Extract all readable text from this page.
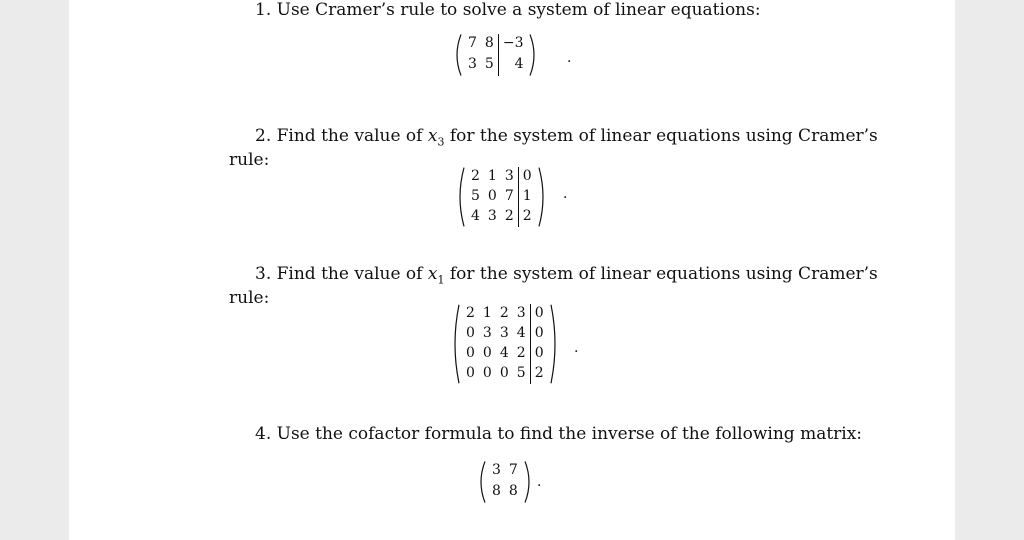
1. Use Cramer’s rule to solve a system of linear equations:
7 8 −3
3 5	4	.
2. Find the value of $x_3$ for the system of linear equations using Cramer’s
rule:
2 1 3 0
5 0 7 1
4 3 2 2
.
3. Find the value of $x_1$ for the system of linear equations using Cramer’s
rule:
2 1 2 3 0
0 3 3 4 0
0 0 4 2 0
0 0 0 5 2
.
4. Use the cofactor formula to find the inverse of the following matrix:
3 7
8 8
.
